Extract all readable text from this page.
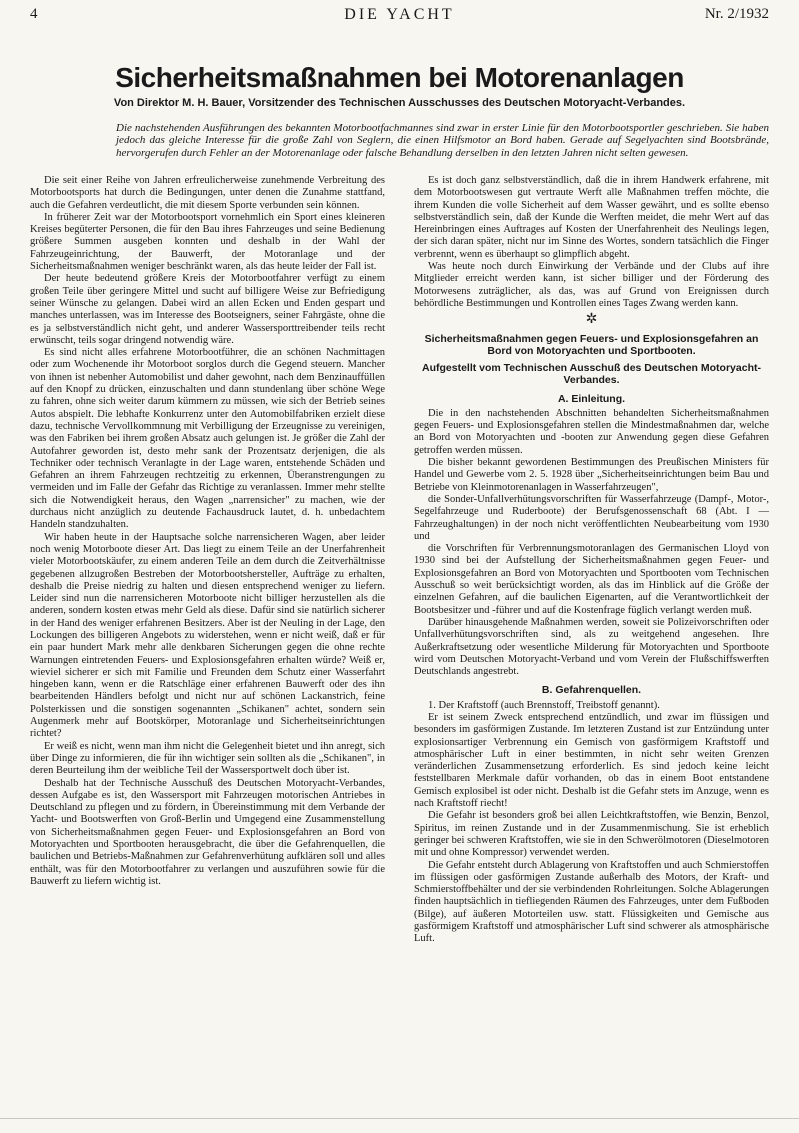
4	DIE YACHT	Nr. 2/1932
Sicherheitsmaßnahmen bei Motorenanlagen
Von Direktor M. H. Bauer, Vorsitzender des Technischen Ausschusses des Deutschen Motoryacht-Verbandes.
Die nachstehenden Ausführungen des bekannten Motorbootfachmannes sind zwar in erster Linie für den Motorbootsportler geschrieben. Sie haben jedoch das gleiche Interesse für die große Zahl von Seglern, die einen Hilfsmotor an Bord haben. Gerade auf Segelyachten sind Bootsbrände, hervorgerufen durch Fehler an der Motorenanlage oder falsche Behandlung derselben in den letzten Jahren nicht selten gewesen.

Die seit einer Reihe von Jahren erfreulicherweise zunehmende Verbreitung des Motorbootsports hat durch die Bedingungen, unter denen die Zunahme stattfand, auch die Gefahren verdeutlicht, die mit diesem Sporte verbunden sein können.

In früherer Zeit war der Motorbootsport vornehmlich ein Sport eines kleineren Kreises begüterter Personen, die für den Bau ihres Fahrzeuges und seine Bedienung größere Summen ausgeben konnten und deshalb in der Wahl der Fahrzeugeinrichtung, der Bauwerft, der Motoranlage und der Sicherheitsmaßnahmen weniger beschränkt waren, als das heute leider der Fall ist.

Der heute bedeutend größere Kreis der Motorbootfahrer verfügt zu einem großen Teile über geringere Mittel und sucht auf billigere Weise zur Befriedigung seiner Wünsche zu gelangen. Dabei wird an allen Ecken und Enden gespart und manches unterlassen, was im Interesse des Bootseigners, seiner Fahrgäste, ohne die es ja selbstverständlich nicht geht, und anderer Wassersporttreibender teils recht erwünscht, teils sogar dringend notwendig wäre.

Es sind nicht alles erfahrene Motorbootführer, die an schönen Nachmittagen oder zum Wochenende ihr Motorboot sorglos durch die Gegend steuern. Mancher von ihnen ist nebenher Automobilist und daher gewohnt, nach dem Benzinauffüllen auf den Knopf zu drücken, einzuschalten und dann stundenlang über schöne Wege zu fahren, ohne sich weiter darum kümmern zu müssen, wie sich der Betrieb seines Autos abspielt. Die lebhafte Konkurrenz unter den Automobilfabriken erzielt diese dazu, technische Vervollkommnung mit Verbilligung der Erzeugnisse zu vereinigen, was den Fabriken bei ihrem großen Absatz auch gelungen ist. Je größer die Zahl der Autofahrer geworden ist, desto mehr sank der Prozentsatz derjenigen, die als Techniker oder technisch Veranlagte in der Lage waren, entstehende Schäden und Gefahren an ihrem Fahrzeugen rechtzeitig zu erkennen, Überanstrengungen zu vermeiden und im Falle der Gefahr das Richtige zu veranlassen. Immer mehr stellte sich die Notwendigkeit heraus, den Wagen „narrensicher" zu machen, wie der durchaus nicht anzüglich zu deutende Fachausdruck lautet, d. h. unbedachtem Handeln standzuhalten.

Wir haben heute in der Hauptsache solche narrensicheren Wagen, aber leider noch wenig Motorboote dieser Art. Das liegt zu einem Teile an der Unerfahrenheit vieler Motorbootskäufer, zu einem anderen Teile an dem durch die Zeitverhältnisse gegebenen allzugroßen Bestreben der Motorbootshersteller, Aufträge zu erhalten, deshalb die Preise niedrig zu halten und diesen entsprechend weniger zu liefern. Leider sind nun die narrensicheren Motorboote nicht billiger herzustellen als die anderen, sondern kosten etwas mehr Geld als diese. Dafür sind sie natürlich sicherer in der Hand des weniger erfahrenen Besitzers. Aber ist der Neuling in der Lage, den Lockungen des billigeren Angebots zu widerstehen, wenn er nicht weiß, daß er für ein paar hundert Mark mehr alle denkbaren Sicherungen gegen die ohne rechte Warnungen eintretenden Feuers- und Explosionsgefahren erhalten würde? Weiß er, wieviel sicherer er sich mit Familie und Freunden dem Schutz einer Wasserfahrt hingeben kann, wenn er die Ratschläge einer erfahrenen Bauwerft oder des ihn bearbeitenden Händlers befolgt und nicht nur auf schönen Lackanstrich, feine Polsterkissen und die sonstigen sogenannten „Schikanen" achtet, sondern sein Augenmerk mehr auf Bootskörper, Motoranlage und Sicherheitseinrichtungen richtet?

Er weiß es nicht, wenn man ihm nicht die Gelegenheit bietet und ihn anregt, sich über Dinge zu informieren, die für ihn wichtiger sein sollten als die „Schikanen", in deren Beurteilung ihm der weibliche Teil der Wassersportwelt doch über ist.

Deshalb hat der Technische Ausschuß des Deutschen Motoryacht-Verbandes, dessen Aufgabe es ist, den Wassersport mit Fahrzeugen motorischen Antriebes in Deutschland zu pflegen und zu fördern, in Übereinstimmung mit dem Verbande der Yacht- und Bootswerften von Groß-Berlin und Umgegend eine Zusammenstellung von Sicherheitsmaßnahmen gegen Feuer- und Explosionsgefahren an Bord von Motoryachten und Sportbooten herausgebracht, die über die Gefahrenquellen, die baulichen und Betriebs-Maßnahmen zur Gefahrenverhütung aufklären soll und alles enthält, was für den Motorbootfahrer zu verlangen und auszuführen sowie für die Bauwerft zu liefern wichtig ist.

Es ist doch ganz selbstverständlich, daß die in ihrem Handwerk erfahrene, mit dem Motorbootswesen gut vertraute Werft alle Maßnahmen treffen möchte, die ihrem Kunden die volle Sicherheit auf dem Wasser gewährt, und es sollte ebenso selbstverständlich sein, daß der Kunde die Werften meidet, die mehr Wert auf das Hereinbringen eines Auftrages auf Kosten der Unerfahrenheit des Neulings legen, der sich daran später, nicht nur im Sinne des Wortes, sondern tatsächlich die Finger verbrennt, wenn es überhaupt so glimpflich abgeht.

Was heute noch durch Einwirkung der Verbände und der Clubs auf ihre Mitglieder erreicht werden kann, ist sicher billiger und der Förderung des Motorwesens zuträglicher, als das, was auf Grund von Ereignissen durch behördliche Bestimmungen und Kontrollen eines Tages Zwang werden kann.

✲
Sicherheitsmaßnahmen gegen Feuers- und Explosionsgefahren an Bord von Motoryachten und Sportbooten.
Aufgestellt vom Technischen Ausschuß des Deutschen Motoryacht-Verbandes.
A. Einleitung.

Die in den nachstehenden Abschnitten behandelten Sicherheitsmaßnahmen gegen Feuers- und Explosionsgefahren stellen die Mindestmaßnahmen dar, welche an Bord von Motoryachten und -booten zur Anwendung gegen diese Gefahren getroffen werden müssen.

Die bisher bekannt gewordenen Bestimmungen des Preußischen Ministers für Handel und Gewerbe vom 2. 5. 1928 über „Sicherheitseinrichtungen beim Bau und Betriebe von Kleinmotorenanlagen in Wasserfahrzeugen",

die Sonder-Unfallverhütungsvorschriften für Wasserfahrzeuge (Dampf-, Motor-, Segelfahrzeuge und Ruderboote) der Berufsgenossenschaft 68 (Abt. I — Fahrzeughaltungen) in der noch nicht veröffentlichten Neubearbeitung vom 1930 und

die Vorschriften für Verbrennungsmotoranlagen des Germanischen Lloyd von 1930 sind bei der Aufstellung der Sicherheitsmaßnahmen gegen Feuer- und Explosionsgefahren an Bord von Motoryachten und Sportbooten vom Technischen Ausschuß so weit berücksichtigt worden, als das im Hinblick auf die Größe der einzelnen Gefahren, auf die baulichen Eigenarten, auf die Verantwortlichkeit der Bootsbesitzer und -führer und auf die Kostenfrage füglich verlangt werden muß.

Darüber hinausgehende Maßnahmen werden, soweit sie Polizeivorschriften oder Unfallverhütungsvorschriften sind, als zu weitgehend angesehen. Ihre Außerkraftsetzung oder wesentliche Milderung für Motoryachten und Sportboote wird vom Deutschen Motoryacht-Verband und vom Verein der Flußschiffswerften Deutschlands angestrebt.

B. Gefahrenquellen.

1. Der Kraftstoff (auch Brennstoff, Treibstoff genannt).

Er ist seinem Zweck entsprechend entzündlich, und zwar im flüssigen und besonders im gasförmigen Zustande. Im letzteren Zustand ist zur Entzündung unter explosionsartiger Verbrennung ein Gemisch von gasförmigem Kraftstoff und atmosphärischer Luft in einer bestimmten, in nicht sehr weiten Grenzen veränderlichen Zusammensetzung erforderlich. Es sind jedoch keine leicht feststellbaren Merkmale dafür vorhanden, ob das in einem Boot entstandene Gemisch explosibel ist oder nicht. Deshalb ist die Gefahr stets im Anzuge, wenn es nach Kraftstoff riecht!

Die Gefahr ist besonders groß bei allen Leichtkraftstoffen, wie Benzin, Benzol, Spiritus, im reinen Zustande und in der Zusammenmischung. Sie ist erheblich geringer bei schweren Kraftstoffen, wie sie in den Schwerölmotoren (Dieselmotoren mit und ohne Kompressor) verwendet werden.

Die Gefahr entsteht durch Ablagerung von Kraftstoffen und auch Schmierstoffen im flüssigen oder gasförmigen Zustande außerhalb des Motors, der Kraft- und Schmierstoffbehälter und der sie verbindenden Rohrleitungen. Solche Ablagerungen finden hauptsächlich in tiefliegenden Räumen des Fahrzeuges, unter dem Fußboden (Bilge), auf äußeren Motorteilen usw. statt. Flüssigkeiten und Gemische aus gasförmigem Kraftstoff und atmosphärischer Luft sind schwerer als atmosphärische Luft.
